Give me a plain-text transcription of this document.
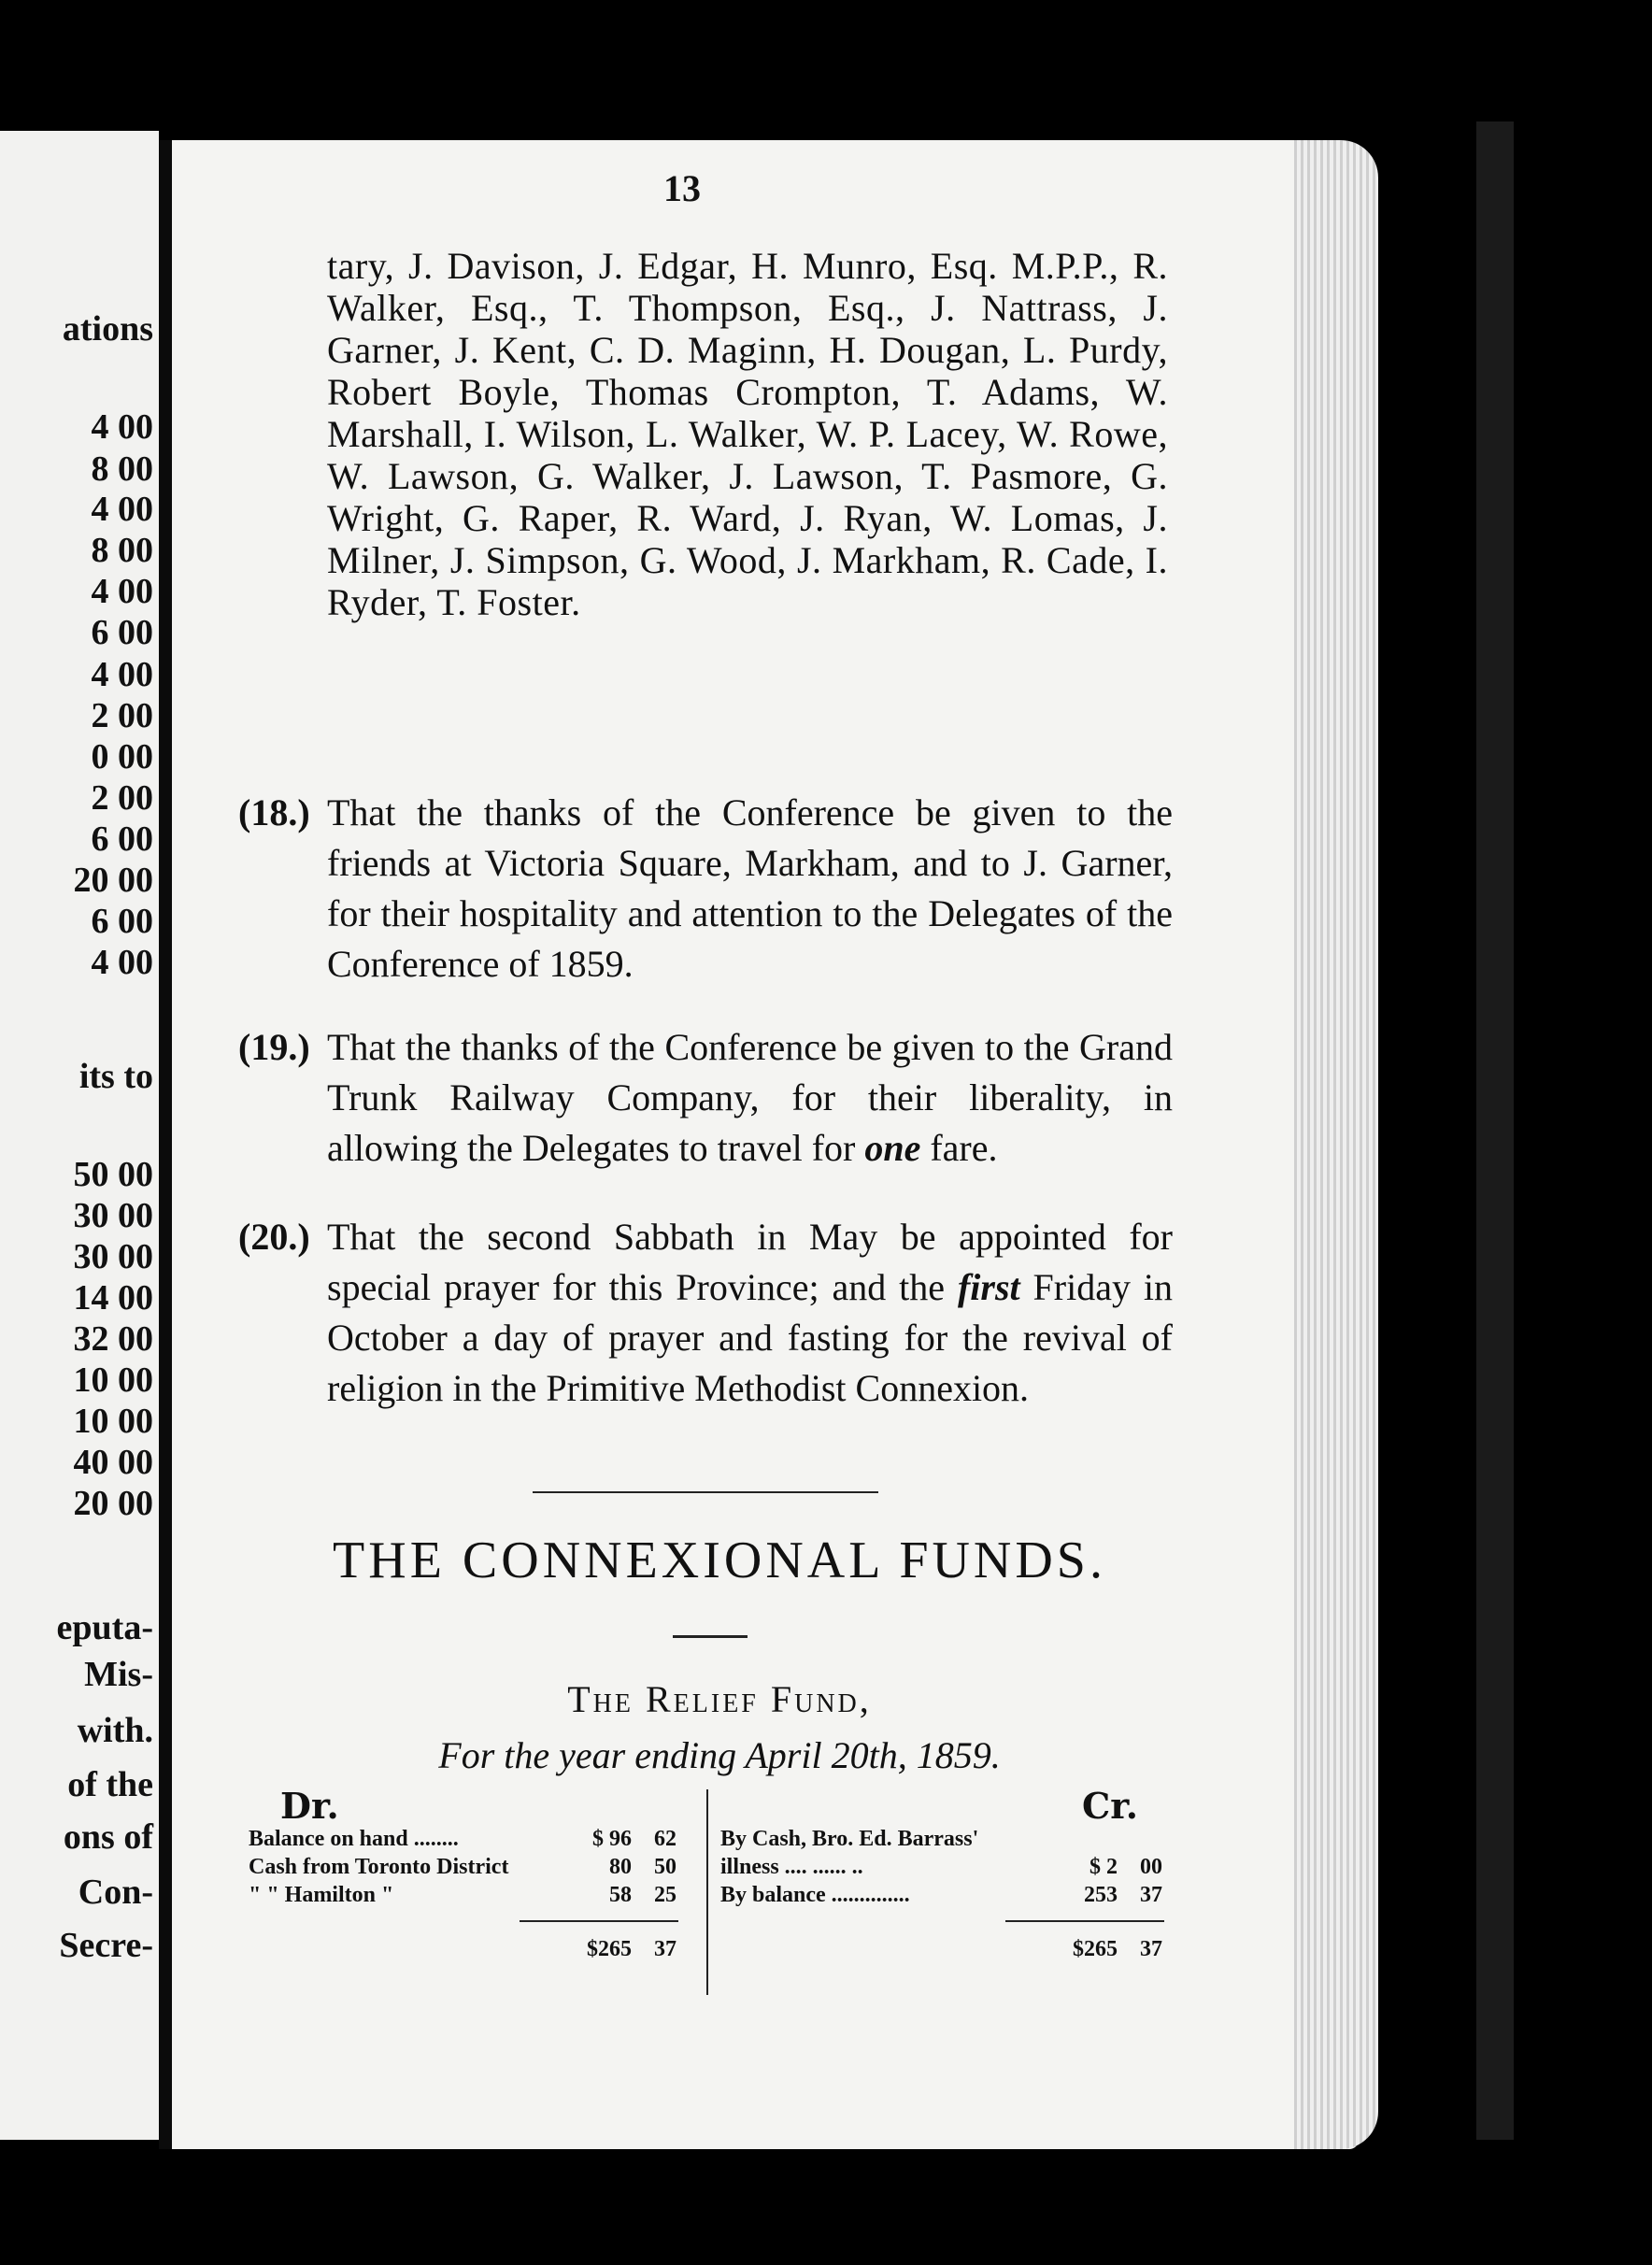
ations
4 00
8 00
4 00
8 00
4 00
6 00
4 00
2 00
0 00
2 00
6 00
20 00
6 00
4 00
its to
50 00
30 00
30 00
14 00
32 00
10 00
10 00
40 00
20 00
eputa-
Mis-
with.
of the
ons of
Con-
Secre-
13
tary, J. Davison, J. Edgar, H. Munro, Esq. M.P.P., R. Walker, Esq., T. Thompson, Esq., J. Nattrass, J. Garner, J. Kent, C. D. Maginn, H. Dougan, L. Purdy, Robert Boyle, Thomas Crompton, T. Adams, W. Marshall, I. Wilson, L. Walker, W. P. Lacey, W. Rowe, W. Lawson, G. Walker, J. Lawson, T. Pasmore, G. Wright, G. Raper, R. Ward, J. Ryan, W. Lomas, J. Milner, J. Simpson, G. Wood, J. Markham, R. Cade, I. Ryder, T. Foster.
(18.) That the thanks of the Conference be given to the friends at Victoria Square, Markham, and to J. Garner, for their hospitality and attention to the Delegates of the Conference of 1859.
(19.) That the thanks of the Conference be given to the Grand Trunk Railway Company, for their liberality, in allowing the Delegates to travel for one fare.
(20.) That the second Sabbath in May be appointed for special prayer for this Province; and the first Friday in October a day of prayer and fasting for the revival of religion in the Primitive Methodist Connexion.
THE CONNEXIONAL FUNDS.
The Relief Fund,
For the year ending April 20th, 1859.
Dr.	Cr.
Balance on hand ........	$ 96	62
Cash from Toronto District	80	50
" " Hamilton "	58	25
By Cash, Bro. Ed. Barrass'
illness .... ...... ..	$ 2	00
By balance ..............	253	37
$265	37	$265	37
